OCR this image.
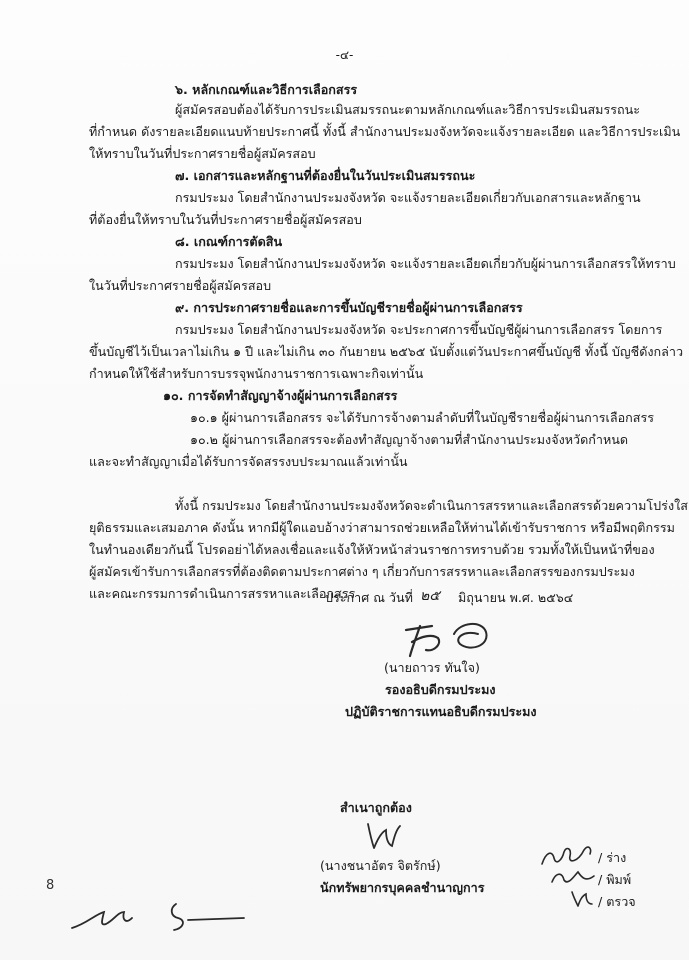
-๔-
๖. หลักเกณฑ์และวิธีการเลือกสรร
ผู้สมัครสอบต้องได้รับการประเมินสมรรถนะตามหลักเกณฑ์และวิธีการประเมินสมรรถนะ
ที่กำหนด ดังรายละเอียดแนบท้ายประกาศนี้ ทั้งนี้ สำนักงานประมงจังหวัดจะแจ้งรายละเอียด และวิธีการประเมิน
ให้ทราบในวันที่ประกาศรายชื่อผู้สมัครสอบ
๗. เอกสารและหลักฐานที่ต้องยื่นในวันประเมินสมรรถนะ
กรมประมง โดยสำนักงานประมงจังหวัด จะแจ้งรายละเอียดเกี่ยวกับเอกสารและหลักฐาน
ที่ต้องยื่นให้ทราบในวันที่ประกาศรายชื่อผู้สมัครสอบ
๘. เกณฑ์การตัดสิน
กรมประมง โดยสำนักงานประมงจังหวัด จะแจ้งรายละเอียดเกี่ยวกับผู้ผ่านการเลือกสรรให้ทราบ
ในวันที่ประกาศรายชื่อผู้สมัครสอบ
๙. การประกาศรายชื่อและการขึ้นบัญชีรายชื่อผู้ผ่านการเลือกสรร
กรมประมง โดยสำนักงานประมงจังหวัด จะประกาศการขึ้นบัญชีผู้ผ่านการเลือกสรร โดยการ
ขึ้นบัญชีไว้เป็นเวลาไม่เกิน ๑ ปี และไม่เกิน ๓๐ กันยายน ๒๕๖๕ นับตั้งแต่วันประกาศขึ้นบัญชี ทั้งนี้ บัญชีดังกล่าว
กำหนดให้ใช้สำหรับการบรรจุพนักงานราชการเฉพาะกิจเท่านั้น
๑๐. การจัดทำสัญญาจ้างผู้ผ่านการเลือกสรร
๑๐.๑ ผู้ผ่านการเลือกสรร จะได้รับการจ้างตามลำดับที่ในบัญชีรายชื่อผู้ผ่านการเลือกสรร
๑๐.๒ ผู้ผ่านการเลือกสรรจะต้องทำสัญญาจ้างตามที่สำนักงานประมงจังหวัดกำหนด
และจะทำสัญญาเมื่อได้รับการจัดสรรงบประมาณแล้วเท่านั้น
ทั้งนี้ กรมประมง โดยสำนักงานประมงจังหวัดจะดำเนินการสรรหาและเลือกสรรด้วยความโปร่งใส
ยุติธรรมและเสมอภาค ดังนั้น หากมีผู้ใดแอบอ้างว่าสามารถช่วยเหลือให้ท่านได้เข้ารับราชการ หรือมีพฤติกรรม
ในทำนองเดียวกันนี้ โปรดอย่าได้หลงเชื่อและแจ้งให้หัวหน้าส่วนราชการทราบด้วย รวมทั้งให้เป็นหน้าที่ของ
ผู้สมัครเข้ารับการเลือกสรรที่ต้องติดตามประกาศต่าง ๆ เกี่ยวกับการสรรหาและเลือกสรรของกรมประมง
และคณะกรรมการดำเนินการสรรหาและเลือกสรร
ประกาศ ณ วันที่ ๒๕ มิถุนายน พ.ศ. ๒๕๖๔
(นายถาวร ทันใจ)
รองอธิบดีกรมประมง
ปฏิบัติราชการแทนอธิบดีกรมประมง
สำเนาถูกต้อง
(นางชนาอัตร จิตรักษ์)
นักทรัพยากรบุคคลชำนาญการ
/ ร่าง
/ พิมพ์
/ ตรวจ
8
